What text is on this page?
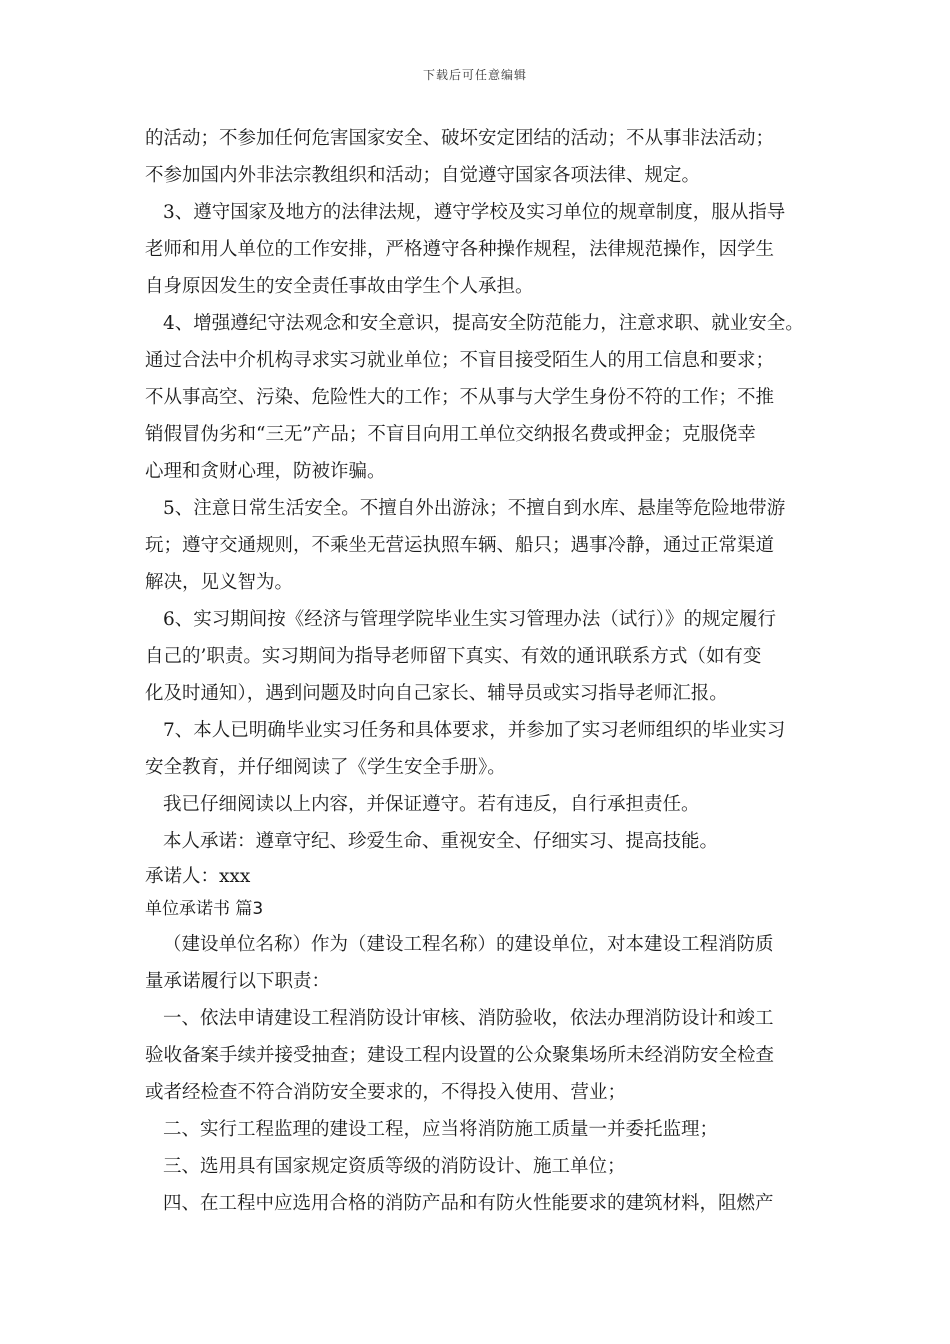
下载后可任意编辑
的活动；不参加任何危害国家安全、破坏安定团结的活动；不从事非法活动；
不参加国内外非法宗教组织和活动；自觉遵守国家各项法律、规定。
3、遵守国家及地方的法律法规，遵守学校及实习单位的规章制度，服从指导
老师和用人单位的工作安排，严格遵守各种操作规程，法律规范操作，因学生
自身原因发生的安全责任事故由学生个人承担。
4、增强遵纪守法观念和安全意识，提高安全防范能力，注意求职、就业安全。
通过合法中介机构寻求实习就业单位；不盲目接受陌生人的用工信息和要求；
不从事高空、污染、危险性大的工作；不从事与大学生身份不符的工作；不推
销假冒伪劣和“三无”产品；不盲目向用工单位交纳报名费或押金；克服侥幸
心理和贪财心理，防被诈骗。
5、注意日常生活安全。不擅自外出游泳；不擅自到水库、悬崖等危险地带游
玩；遵守交通规则，不乘坐无营运执照车辆、船只；遇事冷静，通过正常渠道
解决，见义智为。
6、实习期间按《经济与管理学院毕业生实习管理办法（试行）》的规定履行
自己的’职责。实习期间为指导老师留下真实、有效的通讯联系方式（如有变
化及时通知），遇到问题及时向自己家长、辅导员或实习指导老师汇报。
7、本人已明确毕业实习任务和具体要求，并参加了实习老师组织的毕业实习
安全教育，并仔细阅读了《学生安全手册》。
我已仔细阅读以上内容，并保证遵守。若有违反，自行承担责任。
本人承诺：遵章守纪、珍爱生命、重视安全、仔细实习、提高技能。
承诺人：xxx
单位承诺书 篇3
（建设单位名称）作为（建设工程名称）的建设单位，对本建设工程消防质
量承诺履行以下职责：
一、依法申请建设工程消防设计审核、消防验收，依法办理消防设计和竣工
验收备案手续并接受抽查；建设工程内设置的公众聚集场所未经消防安全检查
或者经检查不符合消防安全要求的，不得投入使用、营业；
二、实行工程监理的建设工程，应当将消防施工质量一并委托监理；
三、选用具有国家规定资质等级的消防设计、施工单位；
四、在工程中应选用合格的消防产品和有防火性能要求的建筑材料，阻燃产
